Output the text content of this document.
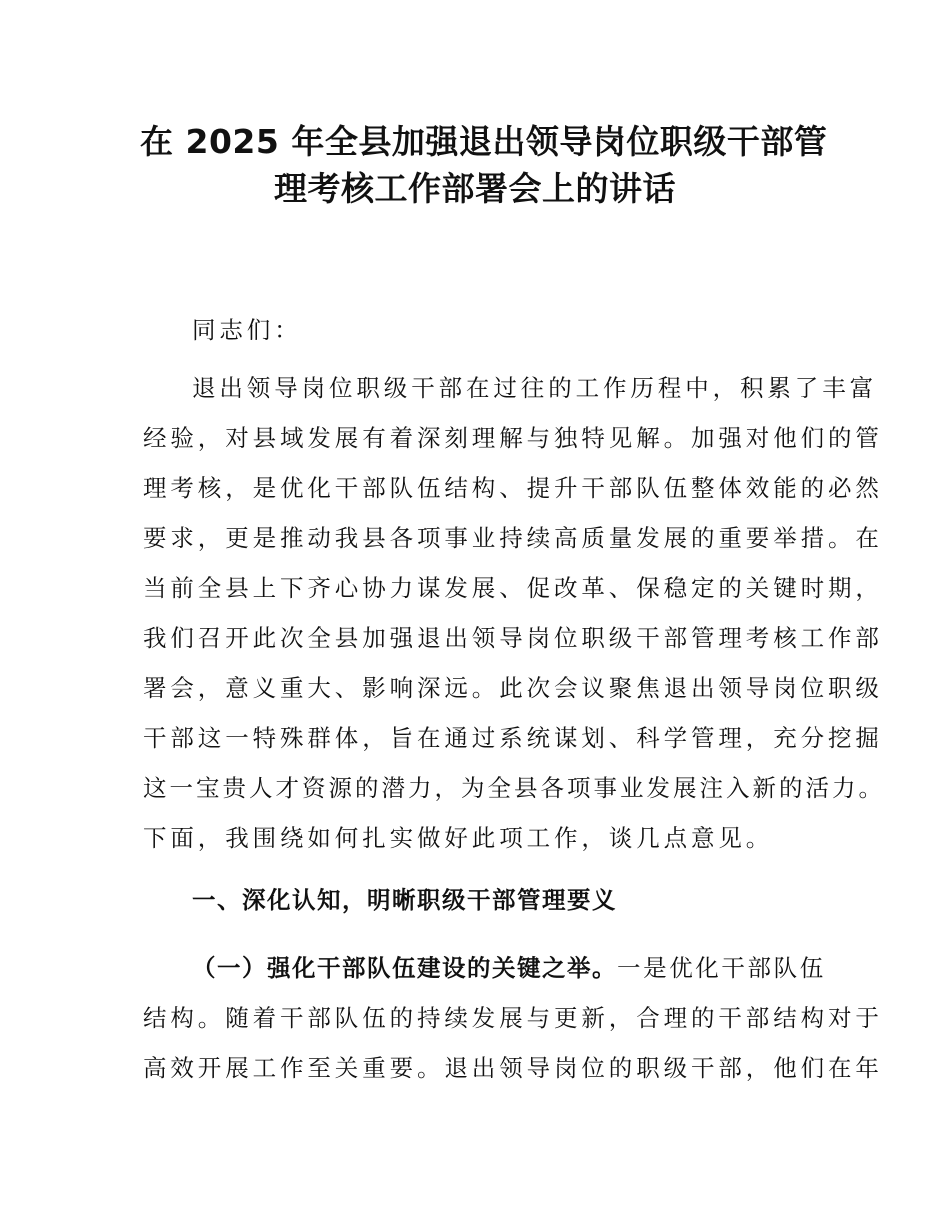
在 2025 年全县加强退出领导岗位职级干部管
理考核工作部署会上的讲话
同志们：
退出领导岗位职级干部在过往的工作历程中，积累了丰富
经验，对县域发展有着深刻理解与独特见解。加强对他们的管
理考核，是优化干部队伍结构、提升干部队伍整体效能的必然
要求，更是推动我县各项事业持续高质量发展的重要举措。在
当前全县上下齐心协力谋发展、促改革、保稳定的关键时期，
我们召开此次全县加强退出领导岗位职级干部管理考核工作部
署会，意义重大、影响深远。此次会议聚焦退出领导岗位职级
干部这一特殊群体，旨在通过系统谋划、科学管理，充分挖掘
这一宝贵人才资源的潜力，为全县各项事业发展注入新的活力。
下面，我围绕如何扎实做好此项工作，谈几点意见。
一、深化认知，明晰职级干部管理要义
（一）强化干部队伍建设的关键之举。一是优化干部队伍
结构。随着干部队伍的持续发展与更新，合理的干部结构对于
高效开展工作至关重要。退出领导岗位的职级干部，他们在年
